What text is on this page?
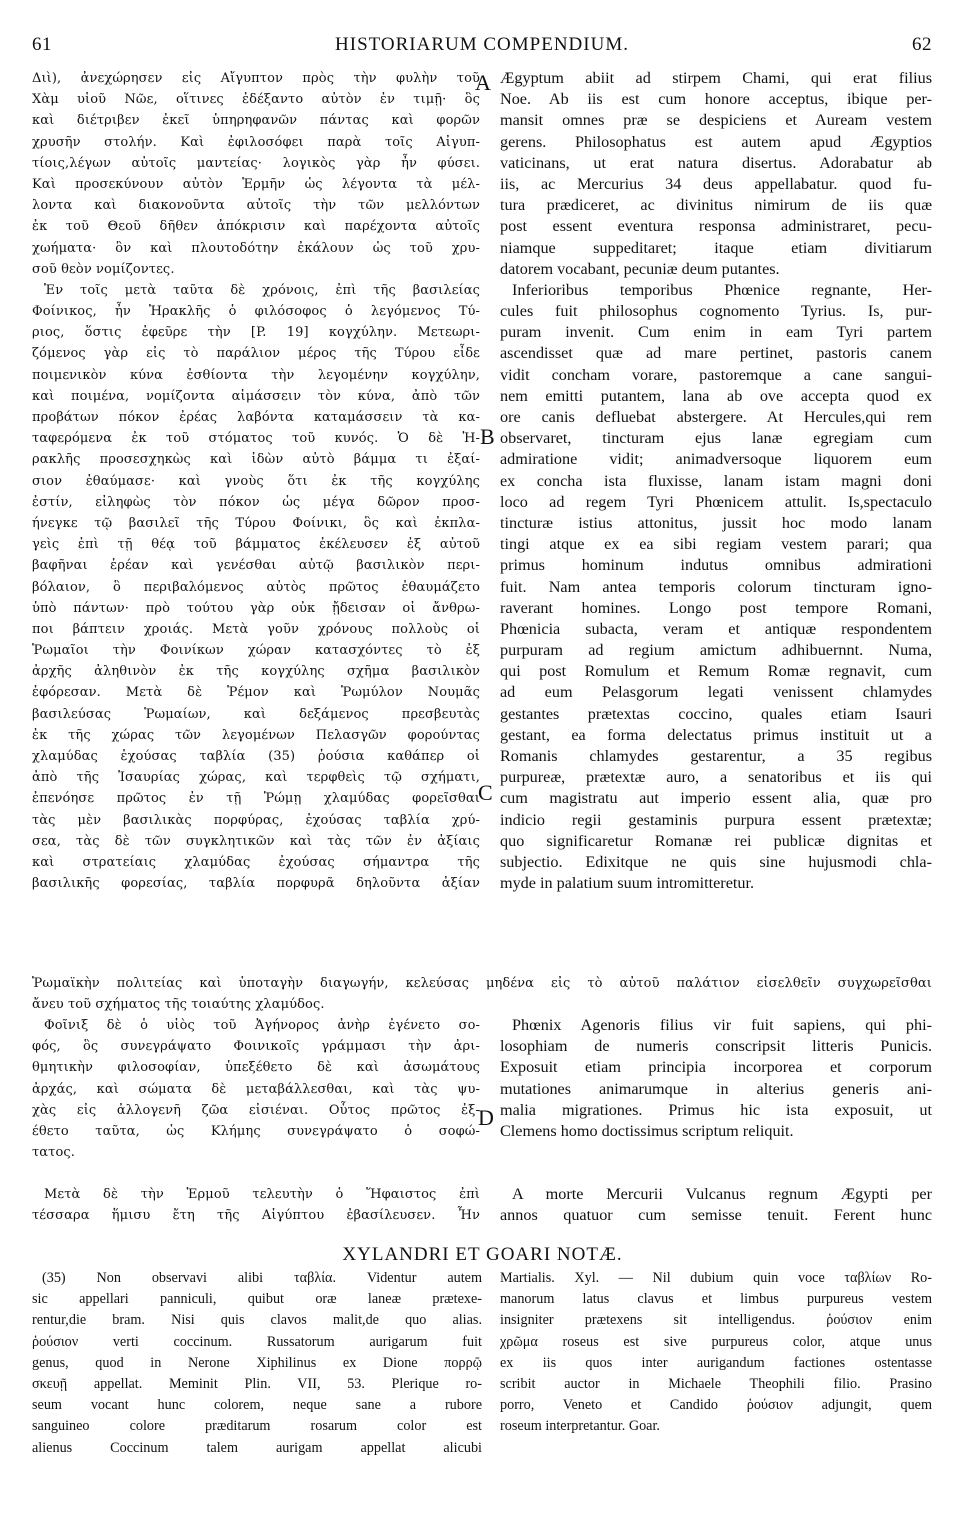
61	HISTORIARUM COMPENDIUM.	62
Διὶ), ἀνεχώρησεν εἰς Αἴγυπτον πρὸς τὴν φυλὴν τοῦ
Χὰμ υἱοῦ Νῶε, οἵτινες ἐδέξαντο αὐτὸν ἐν τιμῇ· ὃς
καὶ διέτριβεν ἐκεῖ ὑπηρηφανῶν πάντας καὶ φορῶν
χρυσῆν στολήν. Καὶ ἐφιλοσόφει παρὰ τοῖς Αἰγυπ-
τίοις,λέγων αὐτοῖς μαντείας· λογικὸς γὰρ ἦν φύσει.
Καὶ προσεκύνουν αὐτὸν Ἑρμῆν ὡς λέγοντα τὰ μέλ-
λοντα καὶ διακονοῦντα αὐτοῖς τὴν τῶν μελλόντων
ἐκ τοῦ Θεοῦ δῆθεν ἀπόκρισιν καὶ παρέχοντα αὐτοῖς
χωήματα· ὃν καὶ πλουτοδότην ἐκάλουν ὡς τοῦ χρυ-
σοῦ θεὸν νομίζοντες.
Ἐν τοῖς μετὰ ταῦτα δὲ χρόνοις, ἐπὶ τῆς βασιλείας
Φοίνικος, ἦν Ἡρακλῆς ὁ φιλόσοφος ὁ λεγόμενος Τύ-
ριος, ὅστις ἐφεῦρε τὴν [P. 19] κογχύλην. Μετεωρι-
ζόμενος γὰρ εἰς τὸ παράλιον μέρος τῆς Τύρου εἶδε
ποιμενικὸν κύνα ἐσθίοντα τὴν λεγομένην κογχύλην,
καὶ ποιμένα, νομίζοντα αἱμάσσειν τὸν κύνα, ἀπὸ τῶν
προβάτων πόκον ἐρέας λαβόντα καταμάσσειν τὰ κα-
ταφερόμενα ἐκ τοῦ στόματος τοῦ κυνός. Ὁ δὲ Ἡ-
ρακλῆς προσεσχηκὼς καὶ ἰδὼν αὐτὸ βάμμα τι ἐξαί-
σιον ἐθαύμασε· καὶ γνοὺς ὅτι ἐκ τῆς κογχύλης
ἐστίν, εἰληφὼς τὸν πόκον ὡς μέγα δῶρον προσ-
ήνεγκε τῷ βασιλεῖ τῆς Τύρου Φοίνικι, ὃς καὶ ἐκπλα-
γεὶς ἐπὶ τῇ θέᾳ τοῦ βάμματος ἐκέλευσεν ἐξ αὐτοῦ
βαφῆναι ἐρέαν καὶ γενέσθαι αὐτῷ βασιλικὸν περι-
βόλαιον, ὃ περιβαλόμενος αὐτὸς πρῶτος ἐθαυμάζετο
ὑπὸ πάντων· πρὸ τούτου γὰρ οὐκ ᾔδεισαν οἱ ἄνθρω-
ποι βάπτειν χροιάς. Μετὰ γοῦν χρόνους πολλοὺς οἱ
Ῥωμαῖοι τὴν Φοινίκων χώραν κατασχόντες τὸ ἐξ
ἀρχῆς ἀληθινὸν ἐκ τῆς κογχύλης σχῆμα βασιλικὸν
ἐφόρεσαν. Μετὰ δὲ Ῥέμον καὶ Ῥωμύλον Νουμᾶς
βασιλεύσας Ῥωμαίων, καὶ δεξάμενος πρεσβευτὰς
ἐκ τῆς χώρας τῶν λεγομένων Πελασγῶν φορούντας
χλαμύδας ἐχούσας ταβλία (35) ῥούσια καθάπερ οἱ
ἀπὸ τῆς Ἰσαυρίας χώρας, καὶ τερφθεὶς τῷ σχήματι,
ἐπενόησε πρῶτος ἐν τῇ Ῥώμῃ χλαμύδας φορεῖσθαι
τὰς μὲν βασιλικὰς πορφύρας, ἐχούσας ταβλία χρύ-
σεα, τὰς δὲ τῶν συγκλητικῶν καὶ τὰς τῶν ἐν ἀξίαις
καὶ στρατείαις χλαμύδας ἐχούσας σήμαντρα τῆς
βασιλικῆς φορεσίας, ταβλία πορφυρᾶ δηλοῦντα ἀξίαν
Ægyptum abiit ad stirpem Chami, qui erat filius
Noe. Ab iis est cum honore acceptus, ibique per-
mansit omnes præ se despiciens et Auream vestem
gerens. Philosophatus est autem apud Ægyptios
vaticinans, ut erat natura disertus. Adorabatur ab
iis, ac Mercurius 34 deus appellabatur. quod fu-
tura prædiceret, ac divinitus nimirum de iis quæ
post essent eventura responsa administraret, pecu-
niamque suppeditaret; itaque etiam divitiarum
datorem vocabant, pecuniæ deum putantes.
Inferioribus temporibus Phœnice regnante, Her-
cules fuit philosophus cognomento Tyrius. Is, pur-
puram invenit. Cum enim in eam Tyri partem
ascendisset quæ ad mare pertinet, pastoris canem
vidit concham vorare, pastoremque a cane sangui-
nem emitti putantem, lana ab ove accepta quod ex
ore canis defluebat abstergere. At Hercules,qui rem
observaret, tincturam ejus lanæ egregiam cum
admiratione vidit; animadversoque liquorem eum
ex concha ista fluxisse, lanam istam magni doni
loco ad regem Tyri Phœnicem attulit. Is,spectaculo
tincturæ istius attonitus, jussit hoc modo lanam
tingi atque ex ea sibi regiam vestem parari; qua
primus hominum indutus omnibus admirationi
fuit. Nam antea temporis colorum tincturam igno-
raverant homines. Longo post tempore Romani,
Phœnicia subacta, veram et antiquæ respondentem
purpuram ad regium amictum adhibuernnt. Numa,
qui post Romulum et Remum Romæ regnavit, cum
ad eum Pelasgorum legati venissent chlamydes
gestantes prætextas coccino, quales etiam Isauri
gestant, ea forma delectatus primus instituit ut a
Romanis chlamydes gestarentur, a 35 regibus
purpureæ, prætextæ auro, a senatoribus et iis qui
cum magistratu aut imperio essent alia, quæ pro
indicio regii gestaminis purpura essent prætextæ;
quo significaretur Romanæ rei publicæ dignitas et
subjectio. Edixitque ne quis sine hujusmodi chla-
myde in palatium suum intromitteretur.
A
B
C
D
Ῥωμαϊκὴν πολιτείας καὶ ὑποταγὴν διαγωγήν, κελεύσας μηδένα εἰς τὸ αὐτοῦ παλάτιον εἰσελθεῖν συγχωρεῖσθαι
ἄνευ τοῦ σχήματος τῆς τοιαύτης χλαμύδος.
Φοῖνιξ δὲ ὁ υἱὸς τοῦ Ἀγήνορος ἀνὴρ ἐγένετο σο-
φός, ὃς συνεγράψατο Φοινικοῖς γράμμασι τὴν ἀρι-
θμητικὴν φιλοσοφίαν, ὑπεξέθετο δὲ καὶ ἀσωμάτους
ἀρχάς, καὶ σώματα δὲ μεταβάλλεσθαι, καὶ τὰς ψυ-
χὰς εἰς ἀλλογενῆ ζῶα εἰσιέναι. Οὗτος πρῶτος ἐξ-
έθετο ταῦτα, ὡς Κλήμης συνεγράψατο ὁ σοφώ-
τατος.
Phœnix Agenoris filius vir fuit sapiens, qui phi-
losophiam de numeris conscripsit litteris Punicis.
Exposuit etiam principia incorporea et corporum
mutationes animarumque in alterius generis ani-
malia migrationes. Primus hic ista exposuit, ut
Clemens homo doctissimus scriptum reliquit.
Μετὰ δὲ τὴν Ἑρμοῦ τελευτὴν ὁ Ἥφαιστος ἐπὶ
τέσσαρα ἥμισυ ἔτη τῆς Αἰγύπτου ἐβασίλευσεν. Ἦν
A morte Mercurii Vulcanus regnum Ægypti per
annos quatuor cum semisse tenuit. Ferent hunc
XYLANDRI ET GOARI NOTÆ.
(35) Non observavi alibi ταβλία. Videntur autem
sic appellari panniculi, quibut oræ laneæ prætexe-
rentur,die bram. Nisi quis clavos malit,de quo alias.
ῥούσιον verti coccinum. Russatorum aurigarum fuit
genus, quod in Nerone Xiphilinus ex Dione πορρῷ
σκευῇ appellat. Meminit Plin. VII, 53. Plerique ro-
seum vocant hunc colorem, neque sane a rubore
sanguineo colore præditarum rosarum color est
alienus Coccinum talem aurigam appellat alicubi
Martialis. Xyl. — Nil dubium quin voce ταβλίων Ro-
manorum latus clavus et limbus purpureus vestem
insigniter prætexens sit intelligendus. ῥούσιον enim
χρῶμα roseus est sive purpureus color, atque unus
ex iis quos inter aurigandum factiones ostentasse
scribit auctor in Michaele Theophili filio. Prasino
porro, Veneto et Candido ῥούσιον adjungit, quem
roseum interpretantur. Goar.
